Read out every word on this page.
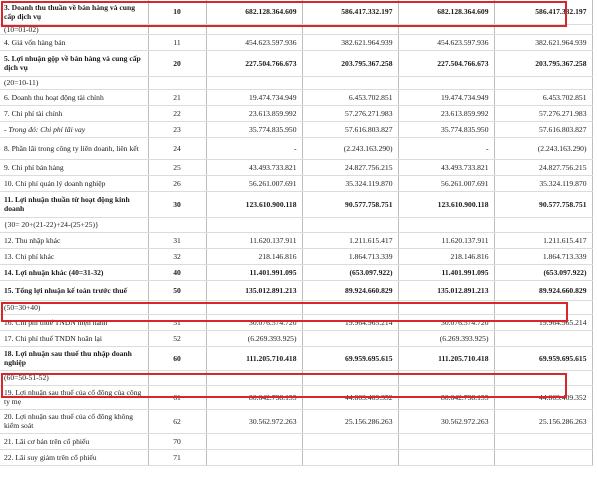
3. Doanh thu thuần về bán hàng và cung cấp dịch vụ	10	682.128.364.609	586.417.332.197	682.128.364.609	586.417.332.197
(10=01-02)					
4. Giá vốn hàng bán	11	454.623.597.936	382.621.964.939	454.623.597.936	382.621.964.939
5. Lợi nhuận gộp về bán hàng và cung cấp dịch vụ	20	227.504.766.673	203.795.367.258	227.504.766.673	203.795.367.258
(20=10-11)					
6. Doanh thu hoạt động tài chính	21	19.474.734.949	6.453.702.851	19.474.734.949	6.453.702.851
7. Chi phí tài chính	22	23.613.859.992	57.276.271.983	23.613.859.992	57.276.271.983
- Trong đó: Chi phí lãi vay	23	35.774.835.950	57.616.803.827	35.774.835.950	57.616.803.827
8. Phần lãi trong công ty liên doanh, liên kết	24	-	(2.243.163.290)	-	(2.243.163.290)
9. Chi phí bán hàng	25	43.493.733.821	24.827.756.215	43.493.733.821	24.827.756.215
10. Chi phí quản lý doanh nghiệp	26	56.261.007.691	35.324.119.870	56.261.007.691	35.324.119.870
11. Lợi nhuận thuần từ hoạt động kinh doanh	30	123.610.900.118	90.577.758.751	123.610.900.118	90.577.758.751
{30= 20+(21-22)+24-(25+25)}					
12. Thu nhập khác	31	11.620.137.911	1.211.615.417	11.620.137.911	1.211.615.417
13. Chi phí khác	32	218.146.816	1.864.713.339	218.146.816	1.864.713.339
14. Lợi nhuận khác (40=31-32)	40	11.401.991.095	(653.097.922)	11.401.991.095	(653.097.922)
15. Tổng lợi nhuận kế toán trước thuế	50	135.012.891.213	89.924.660.829	135.012.891.213	89.924.660.829
(50=30+40)					
16. Chi phí thuế TNDN hiện hành	51	30.076.574.720	19.964.965.214	30.076.574.720	19.964.965.214
17. Chi phí thuế TNDN hoãn lại	52	(6.269.393.925)		(6.269.393.925)	
18. Lợi nhuận sau thuế thu nhập doanh nghiệp	60	111.205.710.418	69.959.695.615	111.205.710.418	69.959.695.615
(60=50-51-52)					
19. Lợi nhuận sau thuế của cổ đông của công ty mẹ	61	80.642.738.155	44.803.409.352	80.642.738.155	44.803.409.352
20. Lợi nhuận sau thuế của cổ đông không kiểm soát	62	30.562.972.263	25.156.286.263	30.562.972.263	25.156.286.263
21. Lãi cơ bản trên cổ phiếu	70				
22. Lãi suy giảm trên cổ phiếu	71				
